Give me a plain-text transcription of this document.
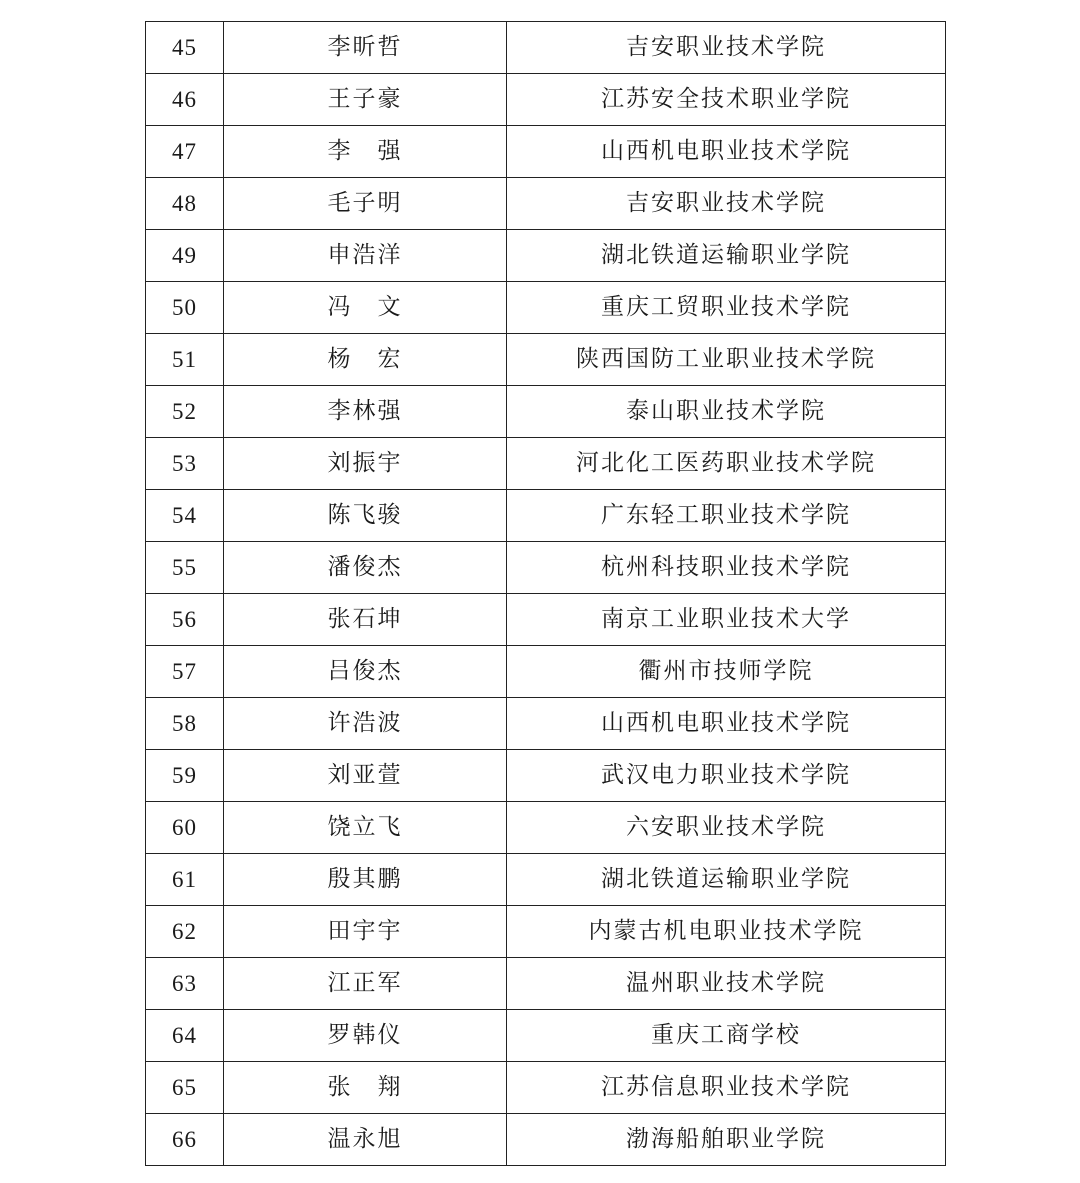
45	李昕哲	吉安职业技术学院
46	王子豪	江苏安全技术职业学院
47	李　强	山西机电职业技术学院
48	毛子明	吉安职业技术学院
49	申浩洋	湖北铁道运输职业学院
50	冯　文	重庆工贸职业技术学院
51	杨　宏	陕西国防工业职业技术学院
52	李林强	泰山职业技术学院
53	刘振宇	河北化工医药职业技术学院
54	陈飞骏	广东轻工职业技术学院
55	潘俊杰	杭州科技职业技术学院
56	张石坤	南京工业职业技术大学
57	吕俊杰	衢州市技师学院
58	许浩波	山西机电职业技术学院
59	刘亚萱	武汉电力职业技术学院
60	饶立飞	六安职业技术学院
61	殷其鹏	湖北铁道运输职业学院
62	田宇宇	内蒙古机电职业技术学院
63	江正军	温州职业技术学院
64	罗韩仪	重庆工商学校
65	张　翔	江苏信息职业技术学院
66	温永旭	渤海船舶职业学院
